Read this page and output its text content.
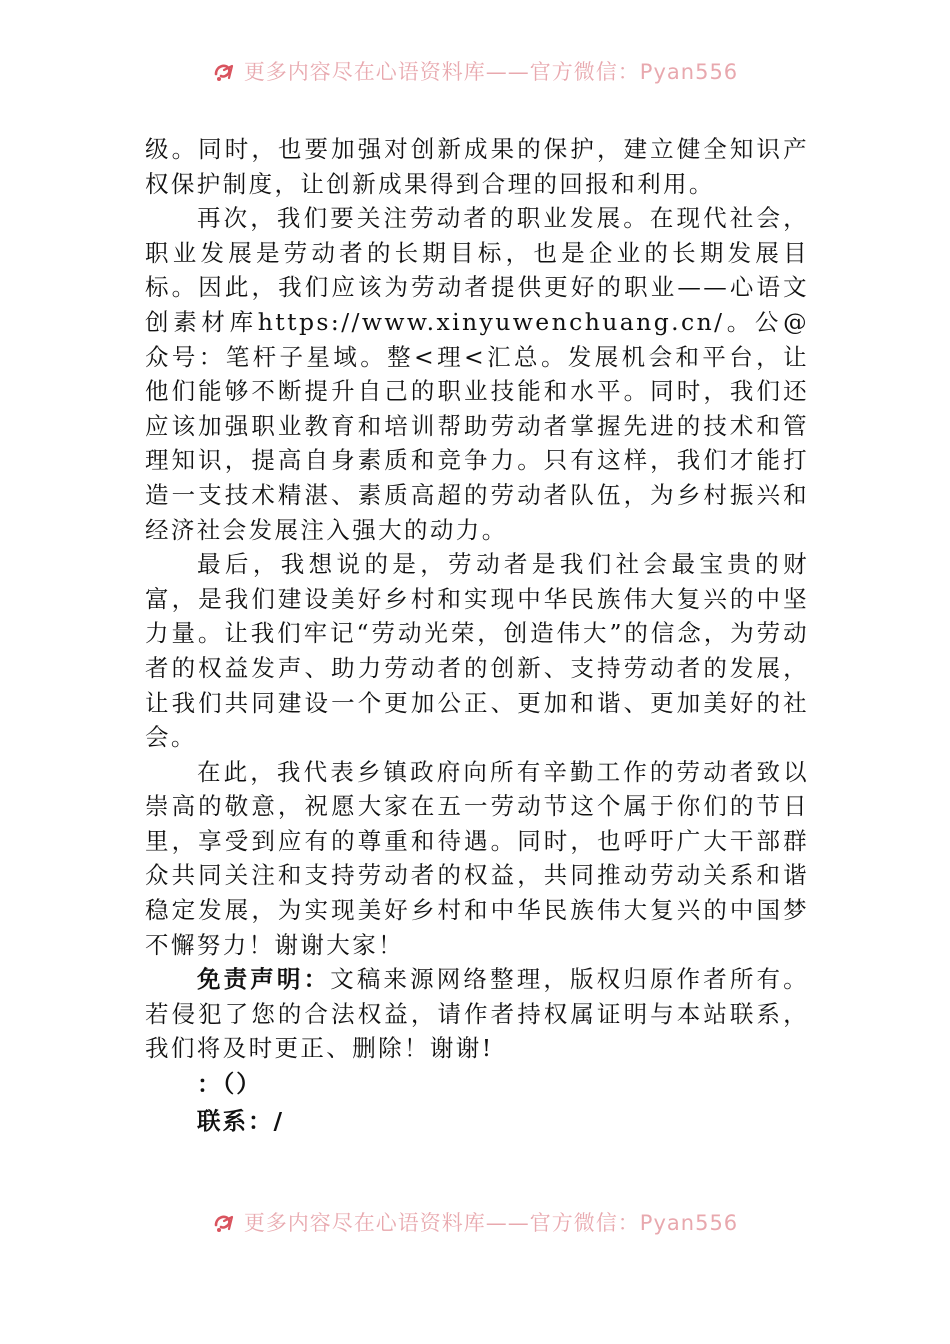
更多内容尽在心语资料库——官方微信：Pyan556

级。同时，也要加强对创新成果的保护，建立健全知识产权保护制度，让创新成果得到合理的回报和利用。

再次，我们要关注劳动者的职业发展。在现代社会，职业发展是劳动者的长期目标，也是企业的长期发展目标。因此，我们应该为劳动者提供更好的职业——心语文创素材库https://www.xinyuwenchuang.cn/。公@众号：笔杆子星域。整<理<汇总。发展机会和平台，让他们能够不断提升自己的职业技能和水平。同时，我们还应该加强职业教育和培训帮助劳动者掌握先进的技术和管理知识，提高自身素质和竞争力。只有这样，我们才能打造一支技术精湛、素质高超的劳动者队伍，为乡村振兴和经济社会发展注入强大的动力。

最后，我想说的是，劳动者是我们社会最宝贵的财富，是我们建设美好乡村和实现中华民族伟大复兴的中坚力量。让我们牢记“劳动光荣，创造伟大”的信念，为劳动者的权益发声、助力劳动者的创新、支持劳动者的发展，让我们共同建设一个更加公正、更加和谐、更加美好的社会。

在此，我代表乡镇政府向所有辛勤工作的劳动者致以崇高的敬意，祝愿大家在五一劳动节这个属于你们的节日里，享受到应有的尊重和待遇。同时，也呼吁广大干部群众共同关注和支持劳动者的权益，共同推动劳动关系和谐稳定发展，为实现美好乡村和中华民族伟大复兴的中国梦不懈努力！谢谢大家！

免责声明：文稿来源网络整理，版权归原作者所有。若侵犯了您的合法权益，请作者持权属证明与本站联系，我们将及时更正、删除！谢谢!

：（）

联系：/

更多内容尽在心语资料库——官方微信：Pyan556
